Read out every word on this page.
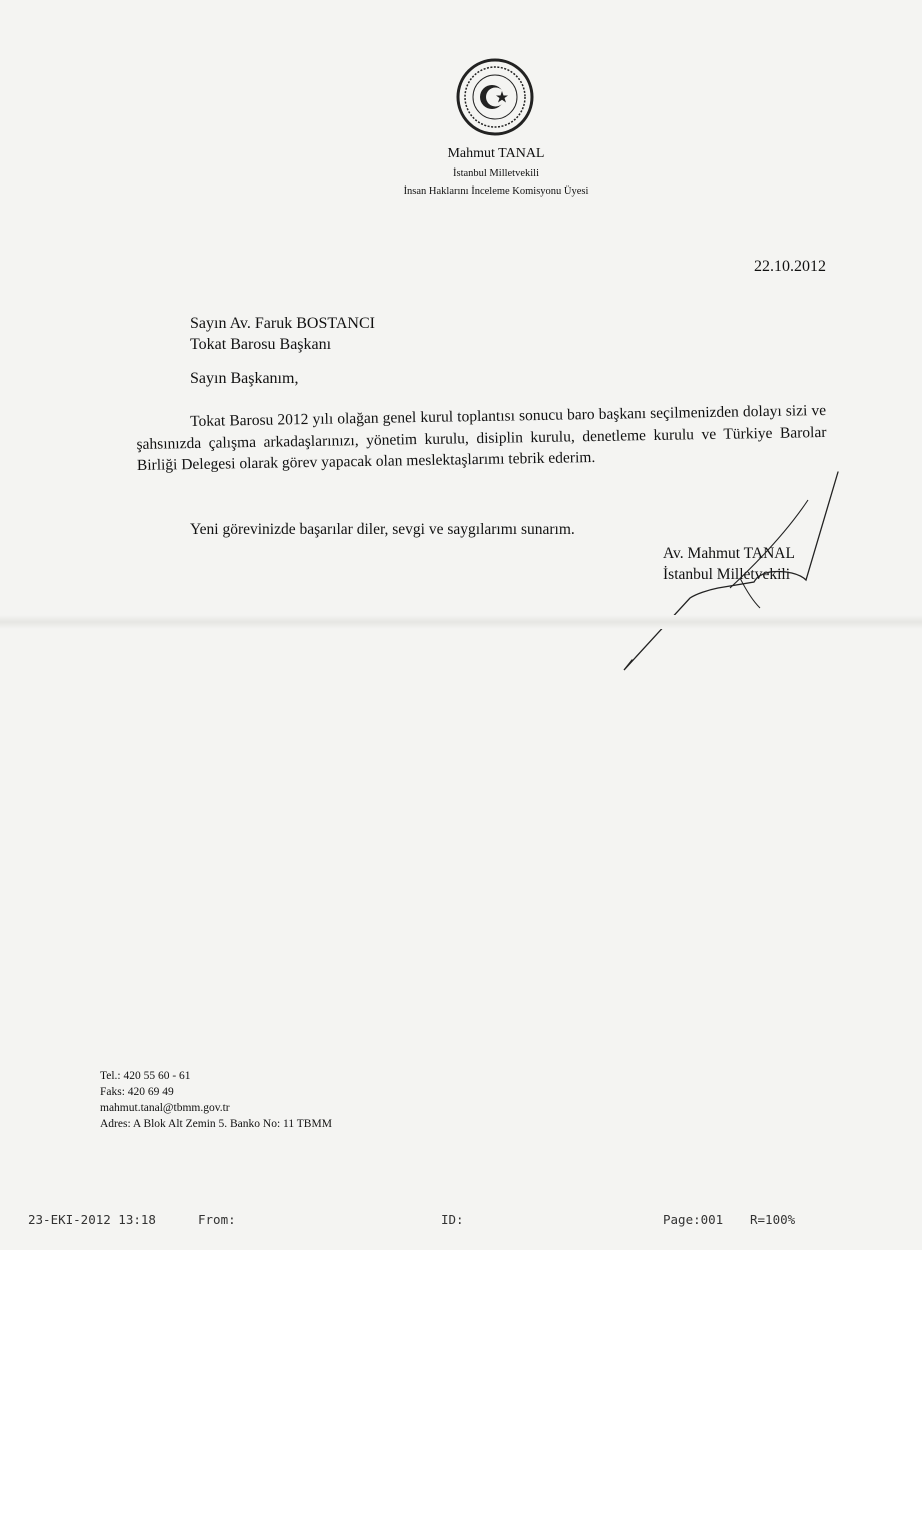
Mahmut TANAL
İstanbul Milletvekili
İnsan Haklarını İnceleme Komisyonu Üyesi
22.10.2012
Sayın Av. Faruk BOSTANCI
Tokat Barosu Başkanı
Sayın Başkanım,
Tokat Barosu 2012 yılı olağan genel kurul toplantısı sonucu baro başkanı seçilmenizden dolayı sizi ve şahsınızda çalışma arkadaşlarınızı, yönetim kurulu, disiplin kurulu, denetleme kurulu ve Türkiye Barolar Birliği Delegesi olarak görev yapacak olan meslektaşlarımı tebrik ederim.
Yeni görevinizde başarılar diler, sevgi ve saygılarımı sunarım.
Av. Mahmut TANAL
İstanbul Milletvekili
Tel.: 420 55 60 - 61
Faks: 420 69 49
mahmut.tanal@tbmm.gov.tr
Adres: A Blok Alt Zemin 5. Banko No: 11 TBMM
23-EKI-2012 13:18	From:	ID:	Page:001 R=100%
